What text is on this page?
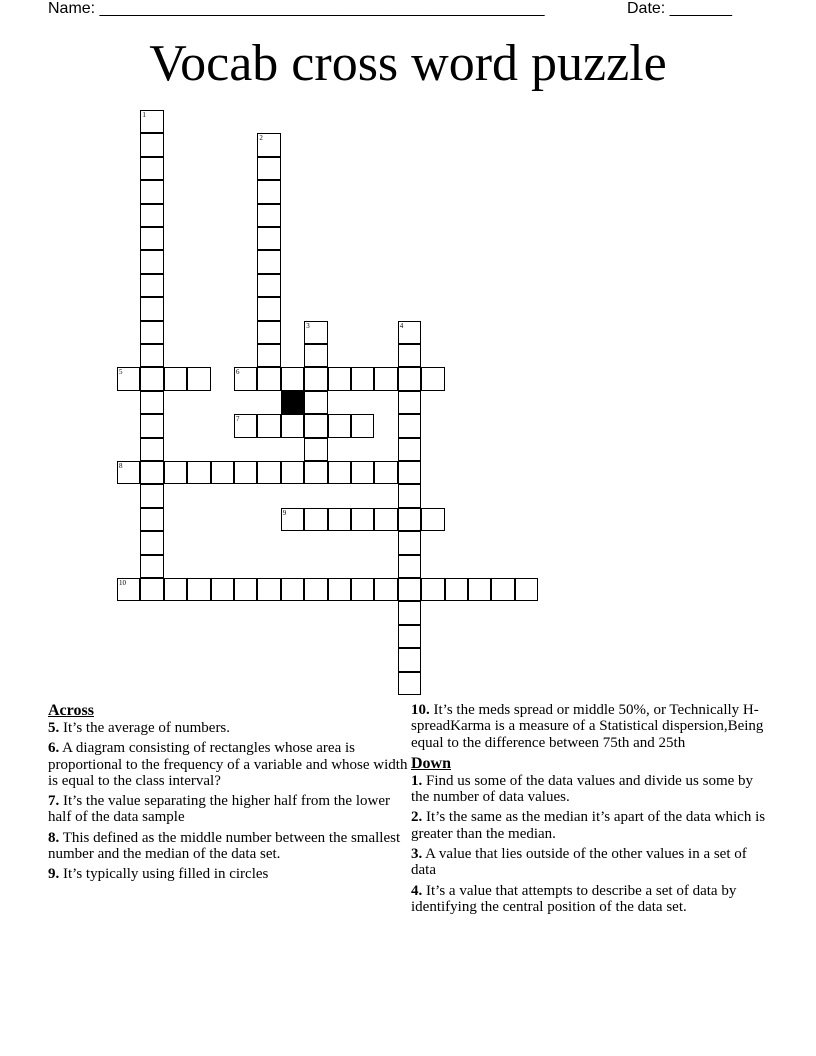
Name: __________________________________________________	Date: _______
Vocab cross word puzzle
1
2
3	4
5	6
7
8
9
10
Across
5. It’s the average of numbers.
6. A diagram consisting of rectangles whose area is proportional to the frequency of a variable and whose width is equal to the class interval?
7. It’s the value separating the higher half from the lower half of the data sample
8. This defined as the middle number between the smallest number and the median of the data set.
9. It’s typically using filled in circles
10. It’s the meds spread or middle 50%, or Technically H-spreadKarma is a measure of a Statistical dispersion,Being equal to the difference between 75th and 25th
Down
1. Find us some of the data values and divide us some by the number of data values.
2. It’s the same as the median it’s apart of the data which is greater than the median.
3. A value that lies outside of the other values in a set of data
4. It’s a value that attempts to describe a set of data by identifying the central position of the data set.
